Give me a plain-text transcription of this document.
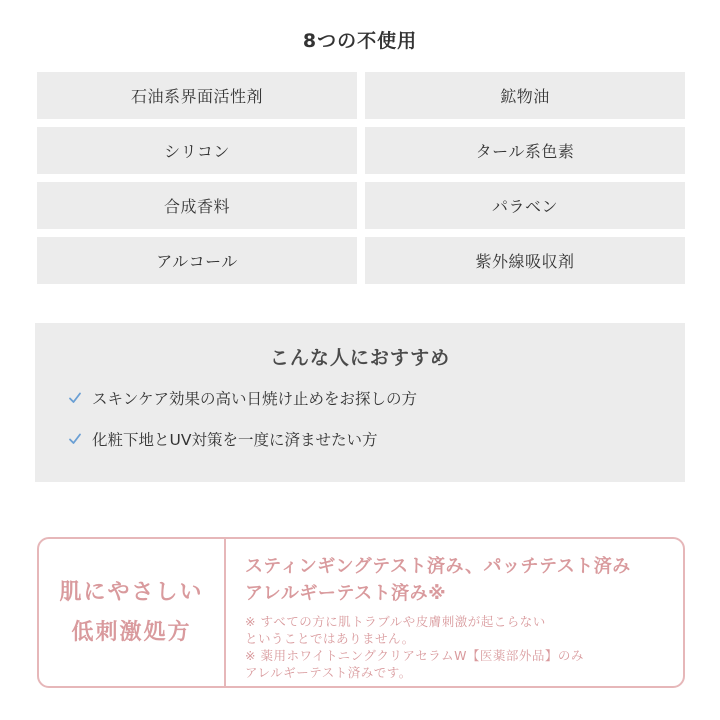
8つの不使用
石油系界面活性剤	鉱物油
シリコン	タール系色素
合成香料	パラベン
アルコール	紫外線吸収剤
こんな人におすすめ
スキンケア効果の高い日焼け止めをお探しの方
化粧下地とUV対策を一度に済ませたい方
肌にやさしい
低刺激処方
スティンギングテスト済み、パッチテスト済み
アレルギーテスト済み※
※ すべての方に肌トラブルや皮膚刺激が起こらない
ということではありません。
※ 薬用ホワイトニングクリアセラムW【医薬部外品】のみ
アレルギーテスト済みです。
